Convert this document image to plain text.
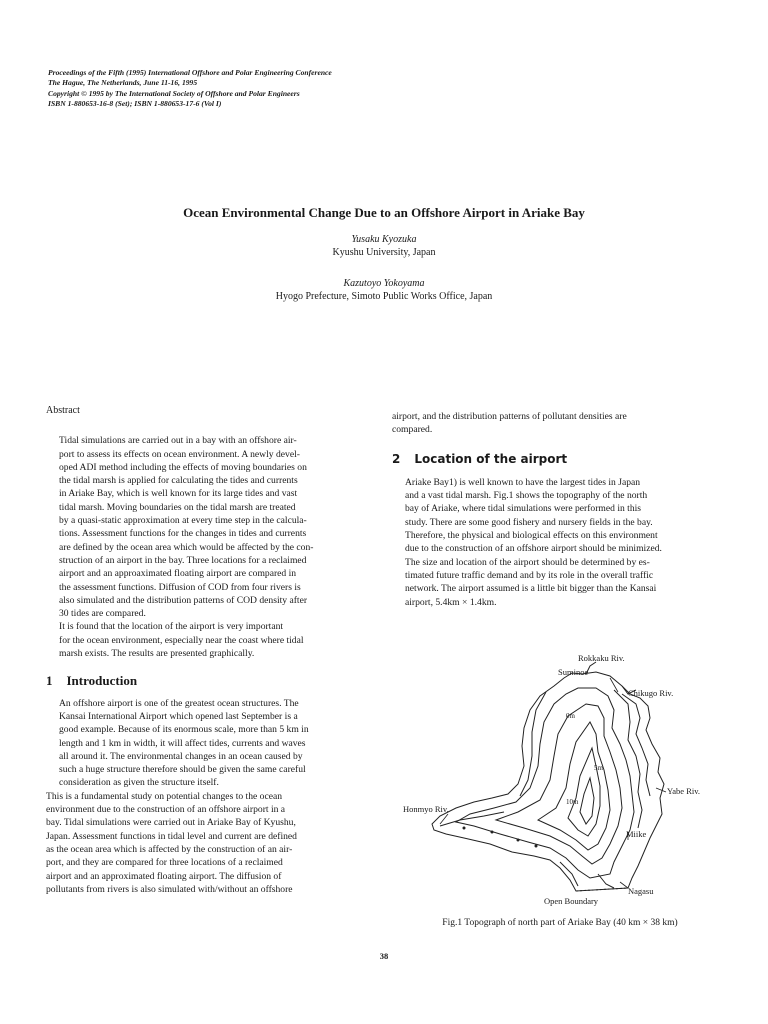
Proceedings of the Fifth (1995) International Offshore and Polar Engineering Conference
The Hague, The Netherlands, June 11-16, 1995
Copyright © 1995 by The International Society of Offshore and Polar Engineers
ISBN 1-880653-16-8 (Set); ISBN 1-880653-17-6 (Vol I)
Ocean Environmental Change Due to an Offshore Airport in Ariake Bay
Yusaku Kyozuka
Kyushu University, Japan
Kazutoyo Yokoyama
Hyogo Prefecture, Simoto Public Works Office, Japan
Abstract

Tidal simulations are carried out in a bay with an offshore air-
port to assess its effects on ocean environment. A newly devel-
oped ADI method including the effects of moving boundaries on
the tidal marsh is applied for calculating the tides and currents
in Ariake Bay, which is well known for its large tides and vast
tidal marsh. Moving boundaries on the tidal marsh are treated
by a quasi-static approximation at every time step in the calcula-
tions. Assessment functions for the changes in tides and currents
are defined by the ocean area which would be affected by the con-
struction of an airport in the bay. Three locations for a reclaimed
airport and an approaximated floating airport are compared in
the assessment functions. Diffusion of COD from four rivers is
also simulated and the distribution patterns of COD density after
30 tides are compared.

It is found that the location of the airport is very important
for the ocean environment, especially near the coast where tidal
marsh exists. The results are presented graphically.

1 Introduction

An offshore airport is one of the greatest ocean structures. The
Kansai International Airport which opened last September is a
good example. Because of its enormous scale, more than 5 km in
length and 1 km in width, it will affect tides, currents and waves
all around it. The environmental changes in an ocean caused by
such a huge structure therefore should be given the same careful
consideration as given the structure itself.

This is a fundamental study on potential changes to the ocean
environment due to the construction of an offshore airport in a
bay. Tidal simulations were carried out in Ariake Bay of Kyushu,
Japan. Assessment functions in tidal level and current are defined
as the ocean area which is affected by the construction of an air-
port, and they are compared for three locations of a reclaimed
airport and an approximated floating airport. The diffusion of
pollutants from rivers is also simulated with/without an offshore

airport, and the distribution patterns of pollutant densities are
compared.

2 Location of the airport

Ariake Bay1) is well known to have the largest tides in Japan
and a vast tidal marsh. Fig.1 shows the topography of the north
bay of Ariake, where tidal simulations were performed in this
study. There are some good fishery and nursery fields in the bay.
Therefore, the physical and biological effects on this environment
due to the construction of an offshore airport should be minimized.
The size and location of the airport should be determined by es-
timated future traffic demand and by its role in the overall traffic
network. The airport assumed is a little bit bigger than the Kansai
airport, 5.4km × 1.4km.

Rokkaku Riv.
Suminoe
Chikugo Riv.
Yabe Riv.
Honmyo Riv.
Miike
Nagasu
Open Boundary
0m
5m
10m
Fig.1 Topograph of north part of Ariake Bay (40 km × 38 km)
38
